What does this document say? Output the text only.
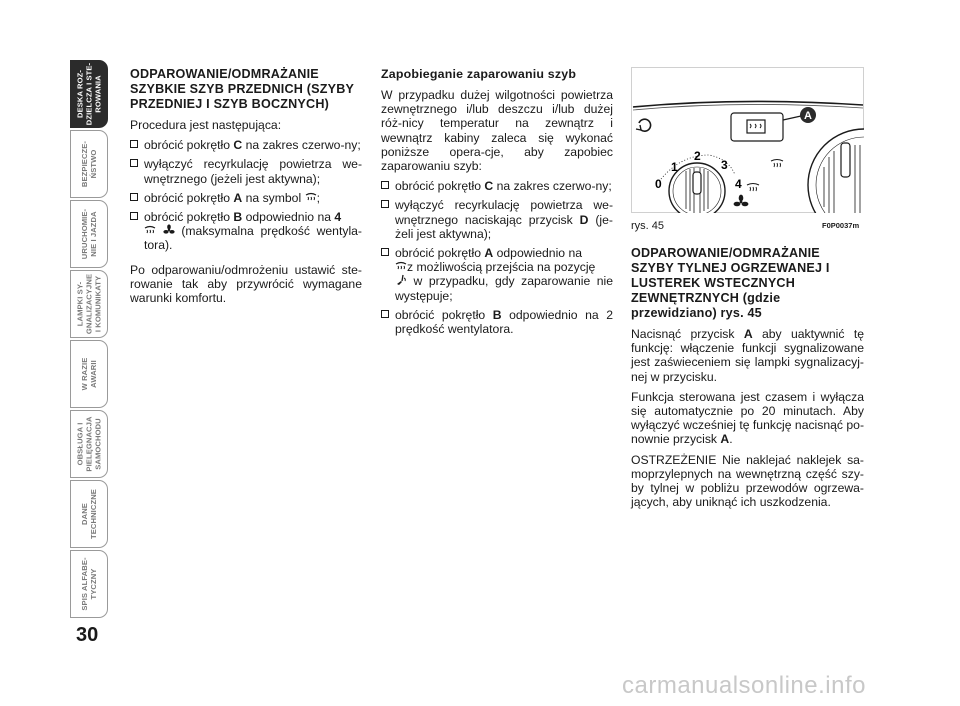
DESKA ROZ-
DZIELCZA I STE-
ROWANIA
BEZPIECZE-
ŃSTWO
URUCHOMIE-
NIE I JAZDA
LAMPKI SY-
GNALIZACYJNE
I KOMUNIKATY
W RAZIE
AWARII
OBSŁUGA I
PIELĘGNACJA
SAMOCHODU
DANE
TECHNICZNE
SPIS ALFABE-
TYCZNY
30
ODPAROWANIE/ODMRAŻANIE SZYBKIE SZYB PRZEDNICH (SZYBY PRZEDNIEJ I SZYB BOCZNYCH)
Procedura jest następująca:
obrócić pokrętło C na zakres czerwo-ny;
wyłączyć recyrkulację powietrza we-wnętrznego (jeżeli jest aktywna);
obrócić pokrętło A na symbol ;
obrócić pokrętło B odpowiednio na 4
(maksymalna prędkość wentyla-tora).
Po odparowaniu/odmrożeniu ustawić ste-rowanie tak aby przywrócić wymagane warunki komfortu.
Zapobieganie zaparowaniu szyb
W przypadku dużej wilgotności powietrza zewnętrznego i/lub deszczu i/lub dużej róż-nicy temperatur na zewnątrz i wewnątrz kabiny zaleca się wykonać poniższe opera-cje, aby zapobiec zaparowaniu szyb:
obrócić pokrętło C na zakres czerwo-ny;
wyłączyć recyrkulację powietrza we-wnętrznego naciskając przycisk D (je-żeli jest aktywna);
obrócić pokrętło A odpowiednio na
z możliwością przejścia na pozycję
w przypadku, gdy zaparowanie nie występuje;
obrócić pokrętło B odpowiednio na 2 prędkość wentylatora.
A
0
1
2
3
4
rys. 45	F0P0037m
ODPAROWANIE/ODMRAŻANIE SZYBY TYLNEJ OGRZEWANEJ I LUSTEREK WSTECZNYCH ZEWNĘTRZNYCH (gdzie przewidziano) rys. 45
Nacisnąć przycisk A aby uaktywnić tę funkcję: włączenie funkcji sygnalizowane jest zaświeceniem się lampki sygnalizacyj-nej w przycisku.
Funkcja sterowana jest czasem i wyłącza się automatycznie po 20 minutach. Aby wyłączyć wcześniej tę funkcję nacisnąć po-nownie przycisk A.
OSTRZEŻENIE Nie naklejać naklejek sa-moprzylepnych na wewnętrzną część szy-by tylnej w pobliżu przewodów ogrzewa-jących, aby uniknąć ich uszkodzenia.
carmanualsonline.info
